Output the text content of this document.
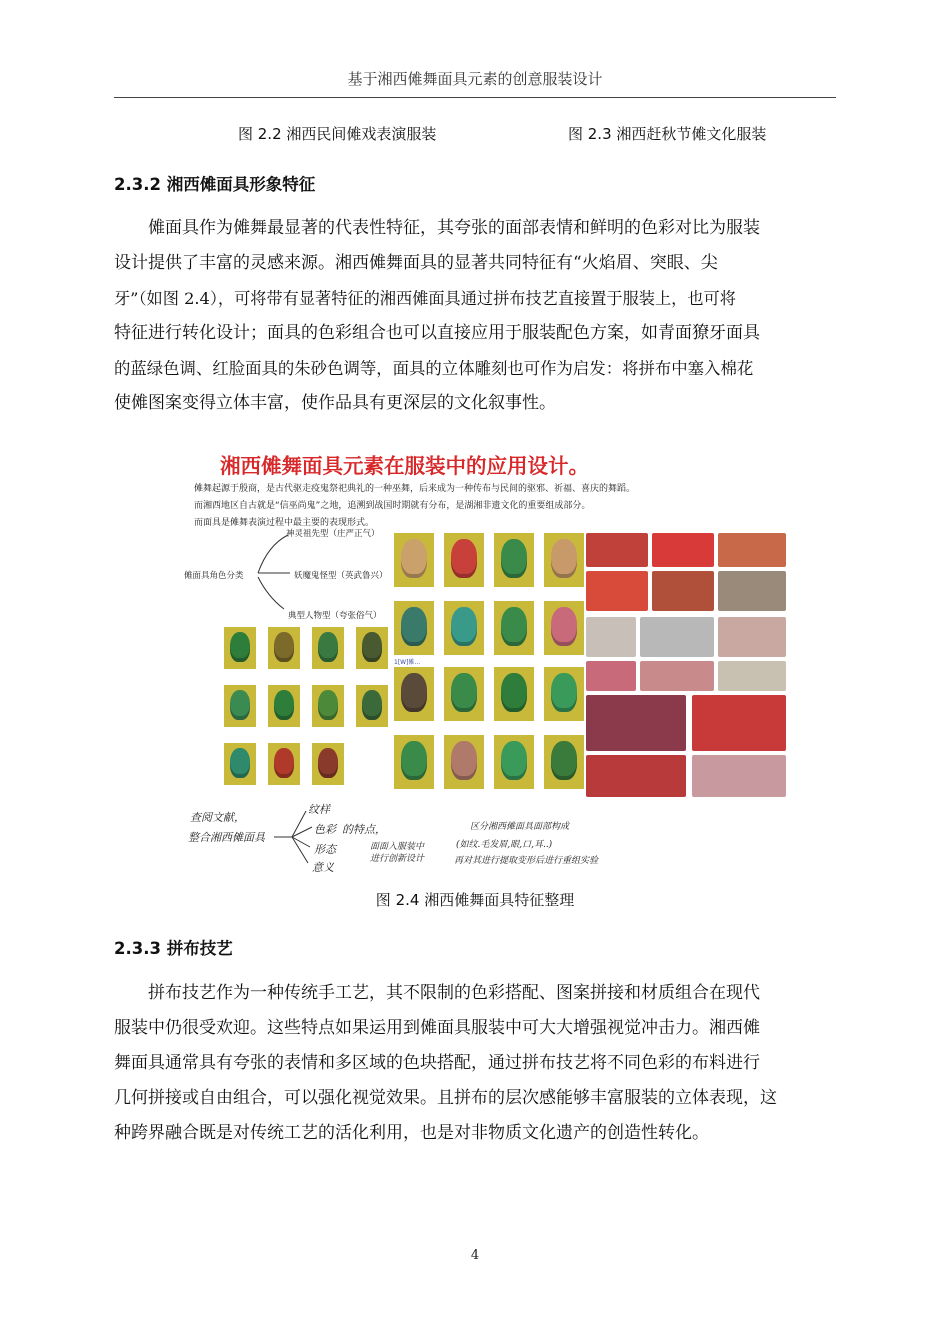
基于湘西傩舞面具元素的创意服装设计
图 2.2 湘西民间傩戏表演服装	图 2.3 湘西赶秋节傩文化服装
2.3.2 湘西傩面具形象特征
傩面具作为傩舞最显著的代表性特征，其夸张的面部表情和鲜明的色彩对比为服装
设计提供了丰富的灵感来源。湘西傩舞面具的显著共同特征有“火焰眉、突眼、尖
牙”（如图 2.4），可将带有显著特征的湘西傩面具通过拼布技艺直接置于服装上，也可将
特征进行转化设计；面具的色彩组合也可以直接应用于服装配色方案，如青面獠牙面具
的蓝绿色调、红脸面具的朱砂色调等，面具的立体雕刻也可作为启发：将拼布中塞入棉花
使傩图案变得立体丰富，使作品具有更深层的文化叙事性。
湘西傩舞面具元素在服装中的应用设计。
傩舞起源于殷商，是古代驱走疫鬼祭祀典礼的一种巫舞，后来成为一种传布与民间的驱邪、祈福、喜庆的舞蹈。
而湘西地区自古就是“信巫尚鬼”之地，追溯到战国时期就有分布，是湖湘非遗文化的重要组成部分。
而面具是傩舞表演过程中最主要的表现形式。
傩面具角色分类
神灵祖先型（庄严正气）
妖魔鬼怪型（英武鲁兴）
典型人物型（夸张俗气）
1[W]傩...
查阅文献，
整合湘西傩面具
纹样
色彩
形态
意义
的特点，
面面入服装中
进行创新设计
区分湘西傩面具面部构成
(如纹.毛发眉,眼,口,耳..)
再对其进行提取变形后进行重组实验
图 2.4 湘西傩舞面具特征整理
2.3.3 拼布技艺
拼布技艺作为一种传统手工艺，其不限制的色彩搭配、图案拼接和材质组合在现代
服装中仍很受欢迎。这些特点如果运用到傩面具服装中可大大增强视觉冲击力。湘西傩
舞面具通常具有夸张的表情和多区域的色块搭配，通过拼布技艺将不同色彩的布料进行
几何拼接或自由组合，可以强化视觉效果。且拼布的层次感能够丰富服装的立体表现，这
种跨界融合既是对传统工艺的活化利用，也是对非物质文化遗产的创造性转化。
4
